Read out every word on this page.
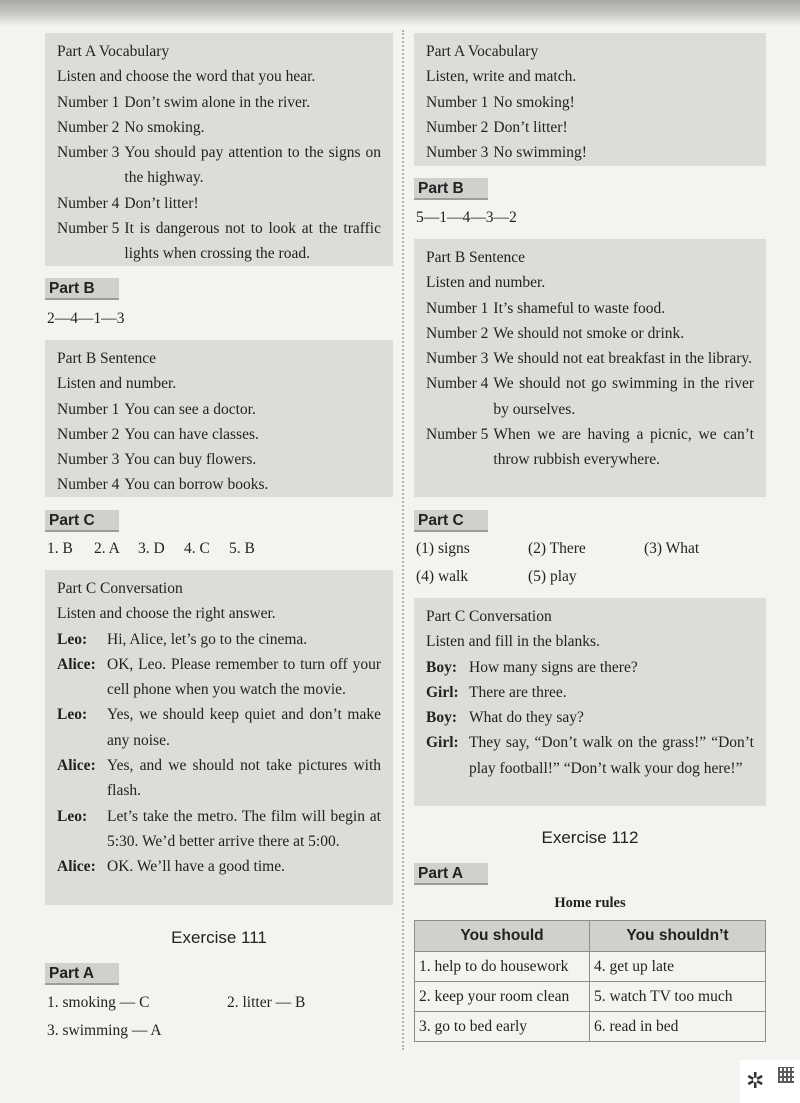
Part A Vocabulary
Listen and choose the word that you hear.
Number 1 Don’t swim alone in the river.
Number 2 No smoking.
Number 3 You should pay attention to the signs on the highway.
Number 4 Don’t litter!
Number 5 It is dangerous not to look at the traffic lights when crossing the road.
Part B
2—4—1—3
Part B Sentence
Listen and number.
Number 1 You can see a doctor.
Number 2 You can have classes.
Number 3 You can buy flowers.
Number 4 You can borrow books.
Part C
1. B 2. A 3. D 4. C 5. B
Part C Conversation
Listen and choose the right answer.
Leo:	Hi, Alice, let’s go to the cinema.
Alice: OK, Leo. Please remember to turn off your cell phone when you watch the movie.
Leo:	Yes, we should keep quiet and don’t make any noise.
Alice: Yes, and we should not take pictures with flash.
Leo:	Let’s take the metro. The film will begin at 5:30. We’d better arrive there at 5:00.
Alice: OK. We’ll have a good time.
Exercise 111
Part A
1. smoking — C	2. litter — B
3. swimming — A
Part A Vocabulary
Listen, write and match.
Number 1 No smoking!
Number 2 Don’t litter!
Number 3 No swimming!
Part B
5—1—4—3—2
Part B Sentence
Listen and number.
Number 1 It’s shameful to waste food.
Number 2 We should not smoke or drink.
Number 3 We should not eat breakfast in the library.
Number 4 We should not go swimming in the river by ourselves.
Number 5 When we are having a picnic, we can’t throw rubbish everywhere.
Part C
(1) signs	(2) There	(3) What
(4) walk	(5) play
Part C Conversation
Listen and fill in the blanks.
Boy: How many signs are there?
Girl: There are three.
Boy: What do they say?
Girl: They say, “Don’t walk on the grass!” “Don’t play football!” “Don’t walk your dog here!”
Exercise 112
Part A
Home rules
You should	You shouldn’t
1. help to do housework	4. get up late
2. keep your room clean	5. watch TV too much
3. go to bed early	6. read in bed
✲
